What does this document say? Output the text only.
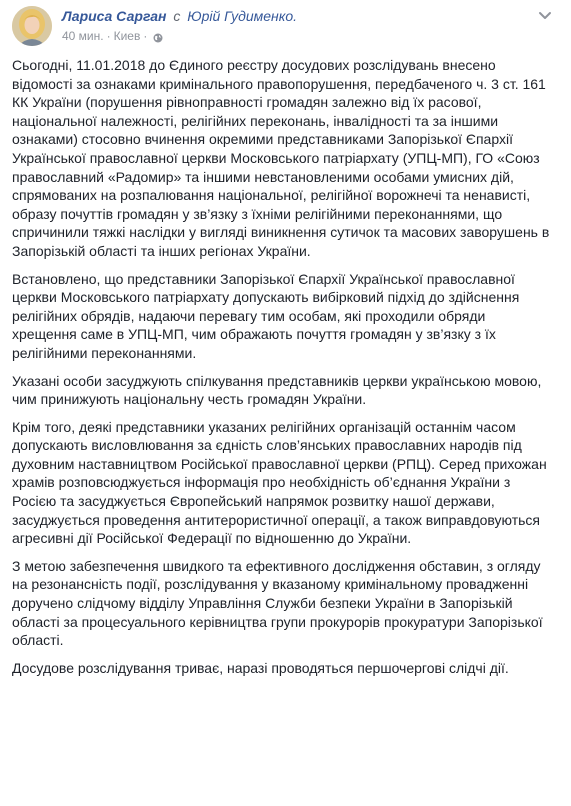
Лариса Сарган с Юрій Гудименко.
40 мин. · Киев ·

Сьогодні, 11.01.2018 до Єдиного реєстру досудових розслідувань внесено відомості за ознаками кримінального правопорушення, передбаченого ч. 3 ст. 161 КК України (порушення рівноправності громадян залежно від їх расової, національної належності, релігійних переконань, інвалідності та за іншими ознаками) стосовно вчинення окремими представниками Запорізької Єпархії Української православної церкви Московського патріархату (УПЦ-МП), ГО «Союз православний «Радомир» та іншими невстановленими особами умисних дій, спрямованих на розпалювання національної, релігійної ворожнечі та ненависті, образу почуттів громадян у зв’язку з їхніми релігійними переконаннями, що спричинили тяжкі наслідки у вигляді виникнення сутичок та масових заворушень в Запорізькій області та інших регіонах України.

Встановлено, що представники Запорізької Єпархії Української православної церкви Московського патріархату допускають вибірковий підхід до здійснення релігійних обрядів, надаючи перевагу тим особам, які проходили обряди хрещення саме в УПЦ-МП, чим ображають почуття громадян у зв’язку з їх релігійними переконаннями.

Указані особи засуджують спілкування представників церкви українською мовою, чим принижують національну честь громадян України.

Крім того, деякі представники указаних релігійних організацій останнім часом допускають висловлювання за єдність слов’янських православних народів під духовним наставництвом Російської православної церкви (РПЦ). Серед прихожан храмів розповсюджується інформація про необхідність об’єднання України з Росією та засуджується Європейський напрямок розвитку нашої держави, засуджується проведення антитерористичної операції, а також виправдовуються агресивні дії Російської Федерації по відношенню до України.

З метою забезпечення швидкого та ефективного дослідження обставин, з огляду на резонансність події, розслідування у вказаному кримінальному провадженні доручено слідчому відділу Управління Служби безпеки України в Запорізькій області за процесуального керівництва групи прокурорів прокуратури Запорізької області.

Досудове розслідування триває, наразі проводяться першочергові слідчі дії.
